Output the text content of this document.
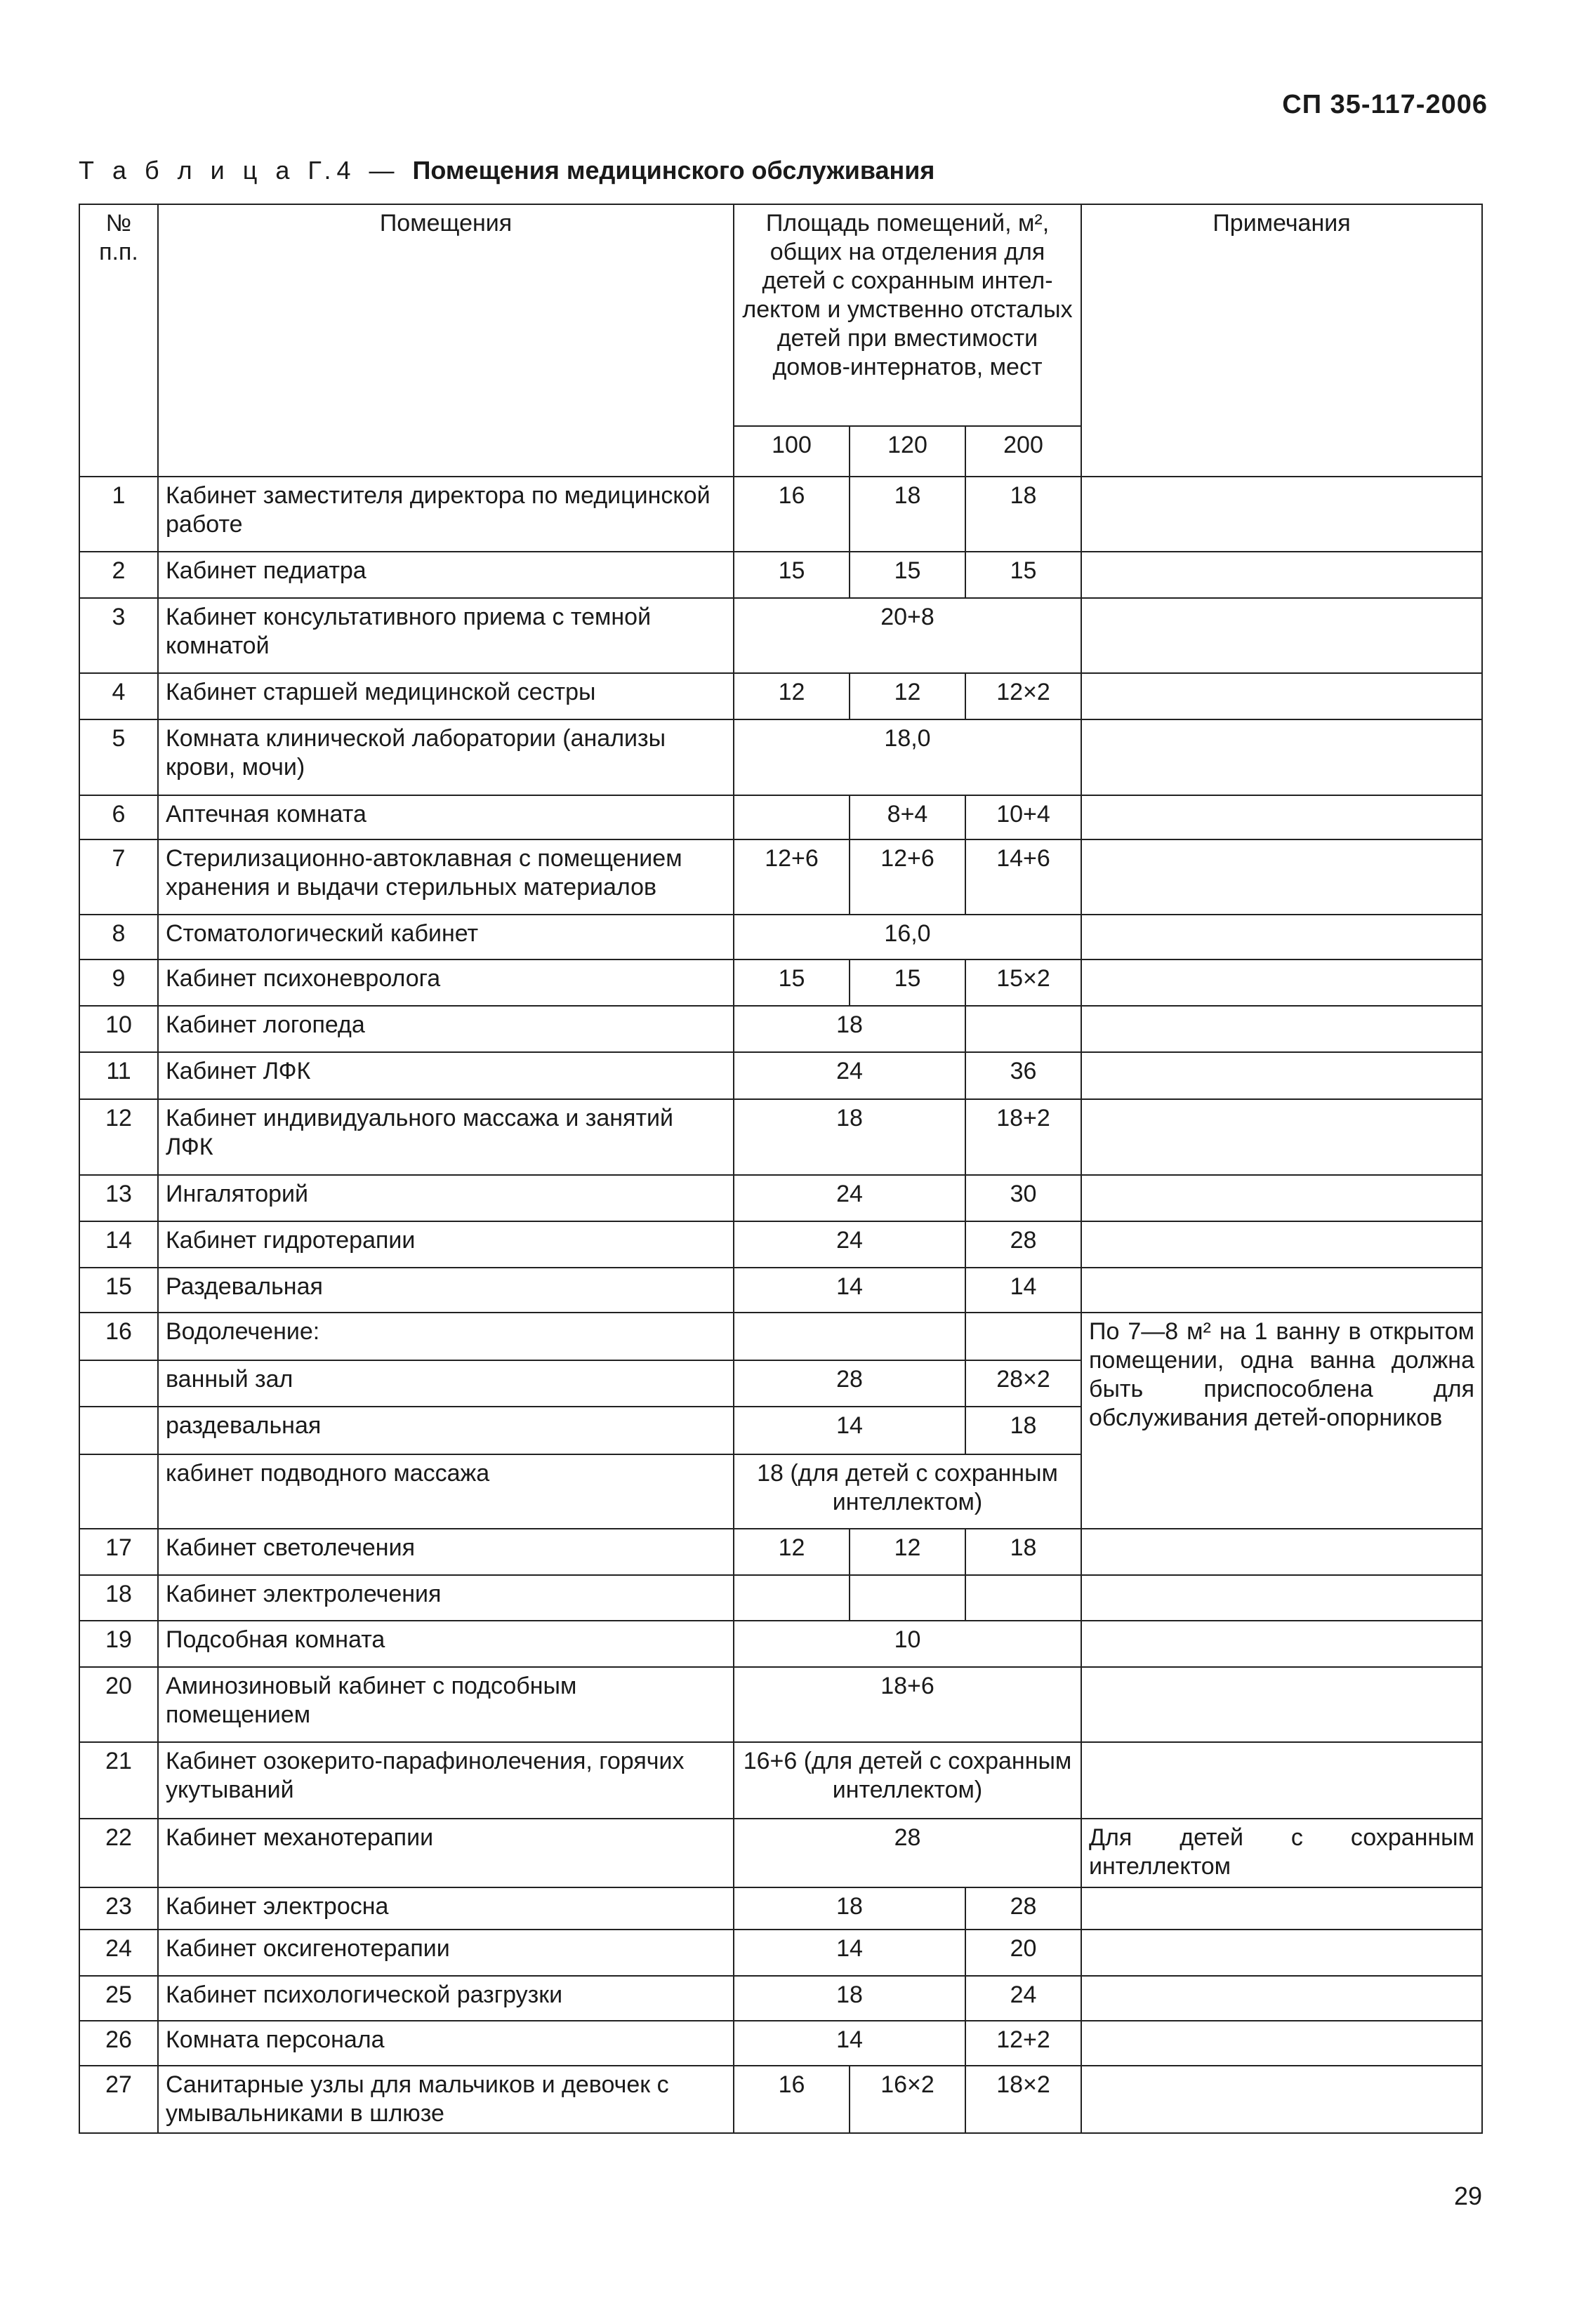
СП 35-117-2006
Т а б л и ц а Г.4 — Помещения медицинского обслуживания
№ п.п.	Помещения	Площадь помещений, м², общих на отделения для детей с сохранным интеллектом и умственно отсталых детей при вместимости домов-интернатов, мест			Примечания
		100	120	200	
1	Кабинет заместителя директора по медицинской работе	16	18	18	
2	Кабинет педиатра	15	15	15	
3	Кабинет консультативного приема с темной комнатой	20+8			
4	Кабинет старшей медицинской сестры	12	12	12×2	
5	Комната клинической лаборатории (анализы крови, мочи)	18,0			
6	Аптечная комната		8+4	10+4	
7	Стерилизационно-автоклавная с помещением хранения и выдачи стерильных материалов	12+6	12+6	14+6	
8	Стоматологический кабинет	16,0			
9	Кабинет психоневролога	15	15	15×2	
10	Кабинет логопеда	18			
11	Кабинет ЛФК	24		36	
12	Кабинет индивидуального массажа и занятий ЛФК	18		18+2	
13	Ингаляторий	24		30	
14	Кабинет гидротерапии	24		28	
15	Раздевальная	14		14	
16	Водолечение:				По 7—8 м² на 1 ванну в открытом помещении, одна ванна должна быть приспособлена для обслуживания детей-опорников
	ванный зал	28		28×2	
	раздевальная	14		18	
	кабинет подводного массажа	18 (для детей с сохранным интеллектом)			
17	Кабинет светолечения	12	12	18	
18	Кабинет электролечения				
19	Подсобная комната	10			
20	Аминозиновый кабинет с подсобным помещением	18+6			
21	Кабинет озокерито-парафинолечения, горячих укутываний	16+6 (для детей с сохранным интеллектом)			
22	Кабинет механотерапии	28			Для детей с сохранным интеллектом
23	Кабинет электросна	18		28	
24	Кабинет оксигенотерапии	14		20	
25	Кабинет психологической разгрузки	18		24	
26	Комната персонала	14		12+2	
27	Санитарные узлы для мальчиков и девочек с умывальниками в шлюзе	16	16×2	18×2	
29
